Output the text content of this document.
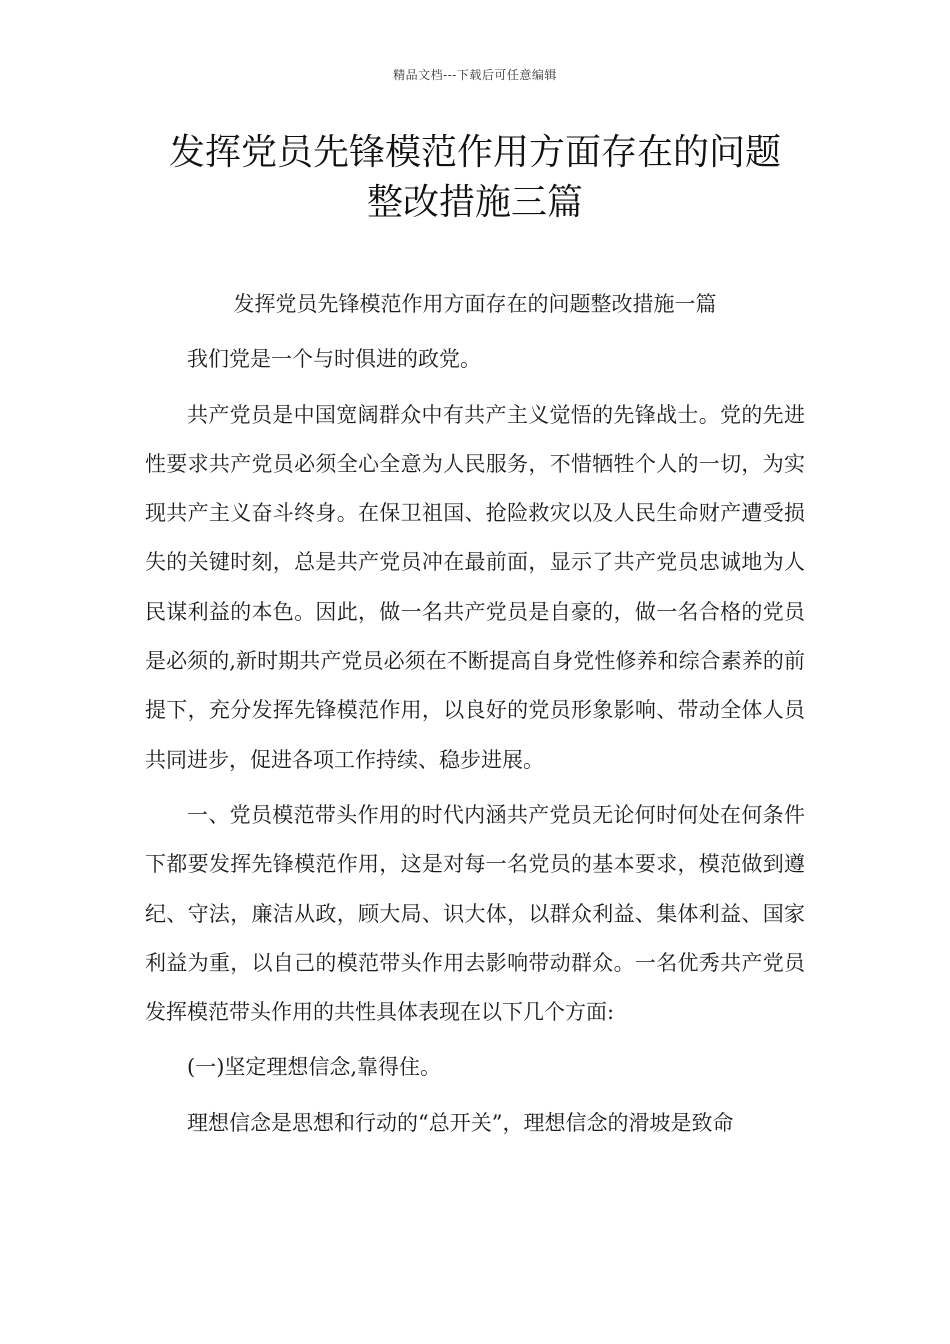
精品文档---下载后可任意编辑
发挥党员先锋模范作用方面存在的问题
整改措施三篇

发挥党员先锋模范作用方面存在的问题整改措施一篇

我们党是一个与时俱进的政党。

共产党员是中国宽阔群众中有共产主义觉悟的先锋战士。党的先进性要求共产党员必须全心全意为人民服务，不惜牺牲个人的一切，为实现共产主义奋斗终身。在保卫祖国、抢险救灾以及人民生命财产遭受损失的关键时刻，总是共产党员冲在最前面，显示了共产党员忠诚地为人民谋利益的本色。因此，做一名共产党员是自豪的，做一名合格的党员是必须的,新时期共产党员必须在不断提高自身党性修养和综合素养的前提下，充分发挥先锋模范作用，以良好的党员形象影响、带动全体人员共同进步，促进各项工作持续、稳步进展。

一、党员模范带头作用的时代内涵共产党员无论何时何处在何条件下都要发挥先锋模范作用，这是对每一名党员的基本要求，模范做到遵纪、守法，廉洁从政，顾大局、识大体，以群众利益、集体利益、国家利益为重，以自己的模范带头作用去影响带动群众。一名优秀共产党员发挥模范带头作用的共性具体表现在以下几个方面:

(一)坚定理想信念,靠得住。

理想信念是思想和行动的“总开关”，理想信念的滑坡是致命
